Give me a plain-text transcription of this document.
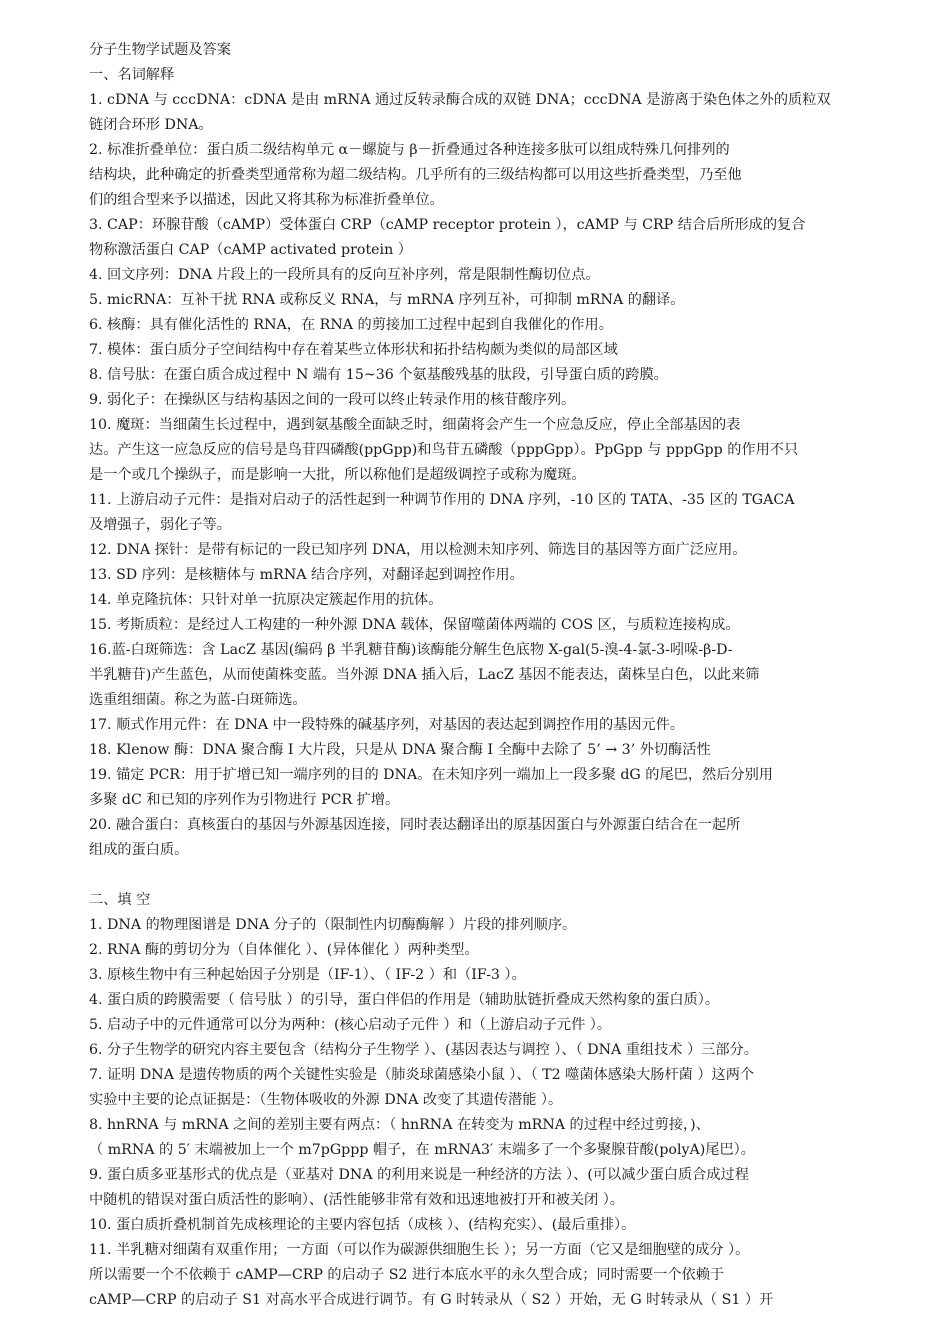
分子生物学试题及答案
一、名词解释
1. cDNA 与 cccDNA：cDNA 是由 mRNA 通过反转录酶合成的双链 DNA；cccDNA 是游离于染色体之外的质粒双
链闭合环形 DNA。
2. 标准折叠单位：蛋白质二级结构单元 α－螺旋与 β－折叠通过各种连接多肽可以组成特殊几何排列的
结构块，此种确定的折叠类型通常称为超二级结构。几乎所有的三级结构都可以用这些折叠类型，乃至他
们的组合型来予以描述，因此又将其称为标准折叠单位。
3. CAP：环腺苷酸（cAMP）受体蛋白 CRP（cAMP receptor protein ），cAMP 与 CRP 结合后所形成的复合
物称激活蛋白 CAP（cAMP activated protein ）
4. 回文序列：DNA 片段上的一段所具有的反向互补序列，常是限制性酶切位点。
5. micRNA：互补干扰 RNA 或称反义 RNA，与 mRNA 序列互补，可抑制 mRNA 的翻译。
6. 核酶：具有催化活性的 RNA，在 RNA 的剪接加工过程中起到自我催化的作用。
7. 模体：蛋白质分子空间结构中存在着某些立体形状和拓扑结构颇为类似的局部区域
8. 信号肽：在蛋白质合成过程中 N 端有 15~36 个氨基酸残基的肽段，引导蛋白质的跨膜。
9. 弱化子：在操纵区与结构基因之间的一段可以终止转录作用的核苷酸序列。
10. 魔斑：当细菌生长过程中，遇到氨基酸全面缺乏时，细菌将会产生一个应急反应，停止全部基因的表
达。产生这一应急反应的信号是鸟苷四磷酸(ppGpp)和鸟苷五磷酸（pppGpp）。PpGpp 与 pppGpp 的作用不只
是一个或几个操纵子，而是影响一大批，所以称他们是超级调控子或称为魔斑。
11. 上游启动子元件：是指对启动子的活性起到一种调节作用的 DNA 序列，-10 区的 TATA、-35 区的 TGACA
及增强子，弱化子等。
12. DNA 探针：是带有标记的一段已知序列 DNA，用以检测未知序列、筛选目的基因等方面广泛应用。
13. SD 序列：是核糖体与 mRNA 结合序列，对翻译起到调控作用。
14. 单克隆抗体：只针对单一抗原决定簇起作用的抗体。
15. 考斯质粒：是经过人工构建的一种外源 DNA 载体，保留噬菌体两端的 COS 区，与质粒连接构成。
16.蓝-白斑筛选：含 LacZ 基因(编码 β 半乳糖苷酶)该酶能分解生色底物 X-gal(5-溴-4-氯-3-吲哚-β-D-
半乳糖苷)产生蓝色，从而使菌株变蓝。当外源 DNA 插入后，LacZ 基因不能表达，菌株呈白色，以此来筛
选重组细菌。称之为蓝-白斑筛选。
17. 顺式作用元件：在 DNA 中一段特殊的碱基序列，对基因的表达起到调控作用的基因元件。
18. Klenow 酶：DNA 聚合酶 I 大片段，只是从 DNA 聚合酶 I 全酶中去除了 5’ → 3’ 外切酶活性
19. 锚定 PCR：用于扩增已知一端序列的目的 DNA。在未知序列一端加上一段多聚 dG 的尾巴，然后分别用
多聚 dC 和已知的序列作为引物进行 PCR 扩增。
20. 融合蛋白：真核蛋白的基因与外源基因连接，同时表达翻译出的原基因蛋白与外源蛋白结合在一起所
组成的蛋白质。
二、填 空
1. DNA 的物理图谱是 DNA 分子的（限制性内切酶酶解 ）片段的排列顺序。
2. RNA 酶的剪切分为（自体催化 ）、(异体催化 ）两种类型。
3. 原核生物中有三种起始因子分别是（IF-1）、（ IF-2 ）和（IF-3 ）。
4. 蛋白质的跨膜需要（ 信号肽 ）的引导，蛋白伴侣的作用是（辅助肽链折叠成天然构象的蛋白质）。
5. 启动子中的元件通常可以分为两种：(核心启动子元件 ）和（上游启动子元件 ）。
6. 分子生物学的研究内容主要包含（结构分子生物学 ）、(基因表达与调控 ）、（ DNA 重组技术 ）三部分。
7. 证明 DNA 是遗传物质的两个关键性实验是（肺炎球菌感染小鼠 ）、（ T2 噬菌体感染大肠杆菌 ）这两个
实验中主要的论点证据是：（生物体吸收的外源 DNA 改变了其遗传潜能 ）。
8. hnRNA 与 mRNA 之间的差别主要有两点：（ hnRNA 在转变为 mRNA 的过程中经过剪接，)、
（ mRNA 的 5′ 末端被加上一个 m7pGppp 帽子，在 mRNA3′ 末端多了一个多聚腺苷酸(polyA)尾巴）。
9. 蛋白质多亚基形式的优点是（亚基对 DNA 的利用来说是一种经济的方法 ）、(可以减少蛋白质合成过程
中随机的错误对蛋白质活性的影响）、(活性能够非常有效和迅速地被打开和被关闭 ）。
10. 蛋白质折叠机制首先成核理论的主要内容包括（成核 ）、(结构充实）、(最后重排）。
11. 半乳糖对细菌有双重作用；一方面（可以作为碳源供细胞生长 ）；另一方面（它又是细胞壁的成分 ）。
所以需要一个不依赖于 cAMP—CRP 的启动子 S2 进行本底水平的永久型合成；同时需要一个依赖于
cAMP—CRP 的启动子 S1 对高水平合成进行调节。有 G 时转录从（ S2 ）开始，无 G 时转录从（ S1 ）开
